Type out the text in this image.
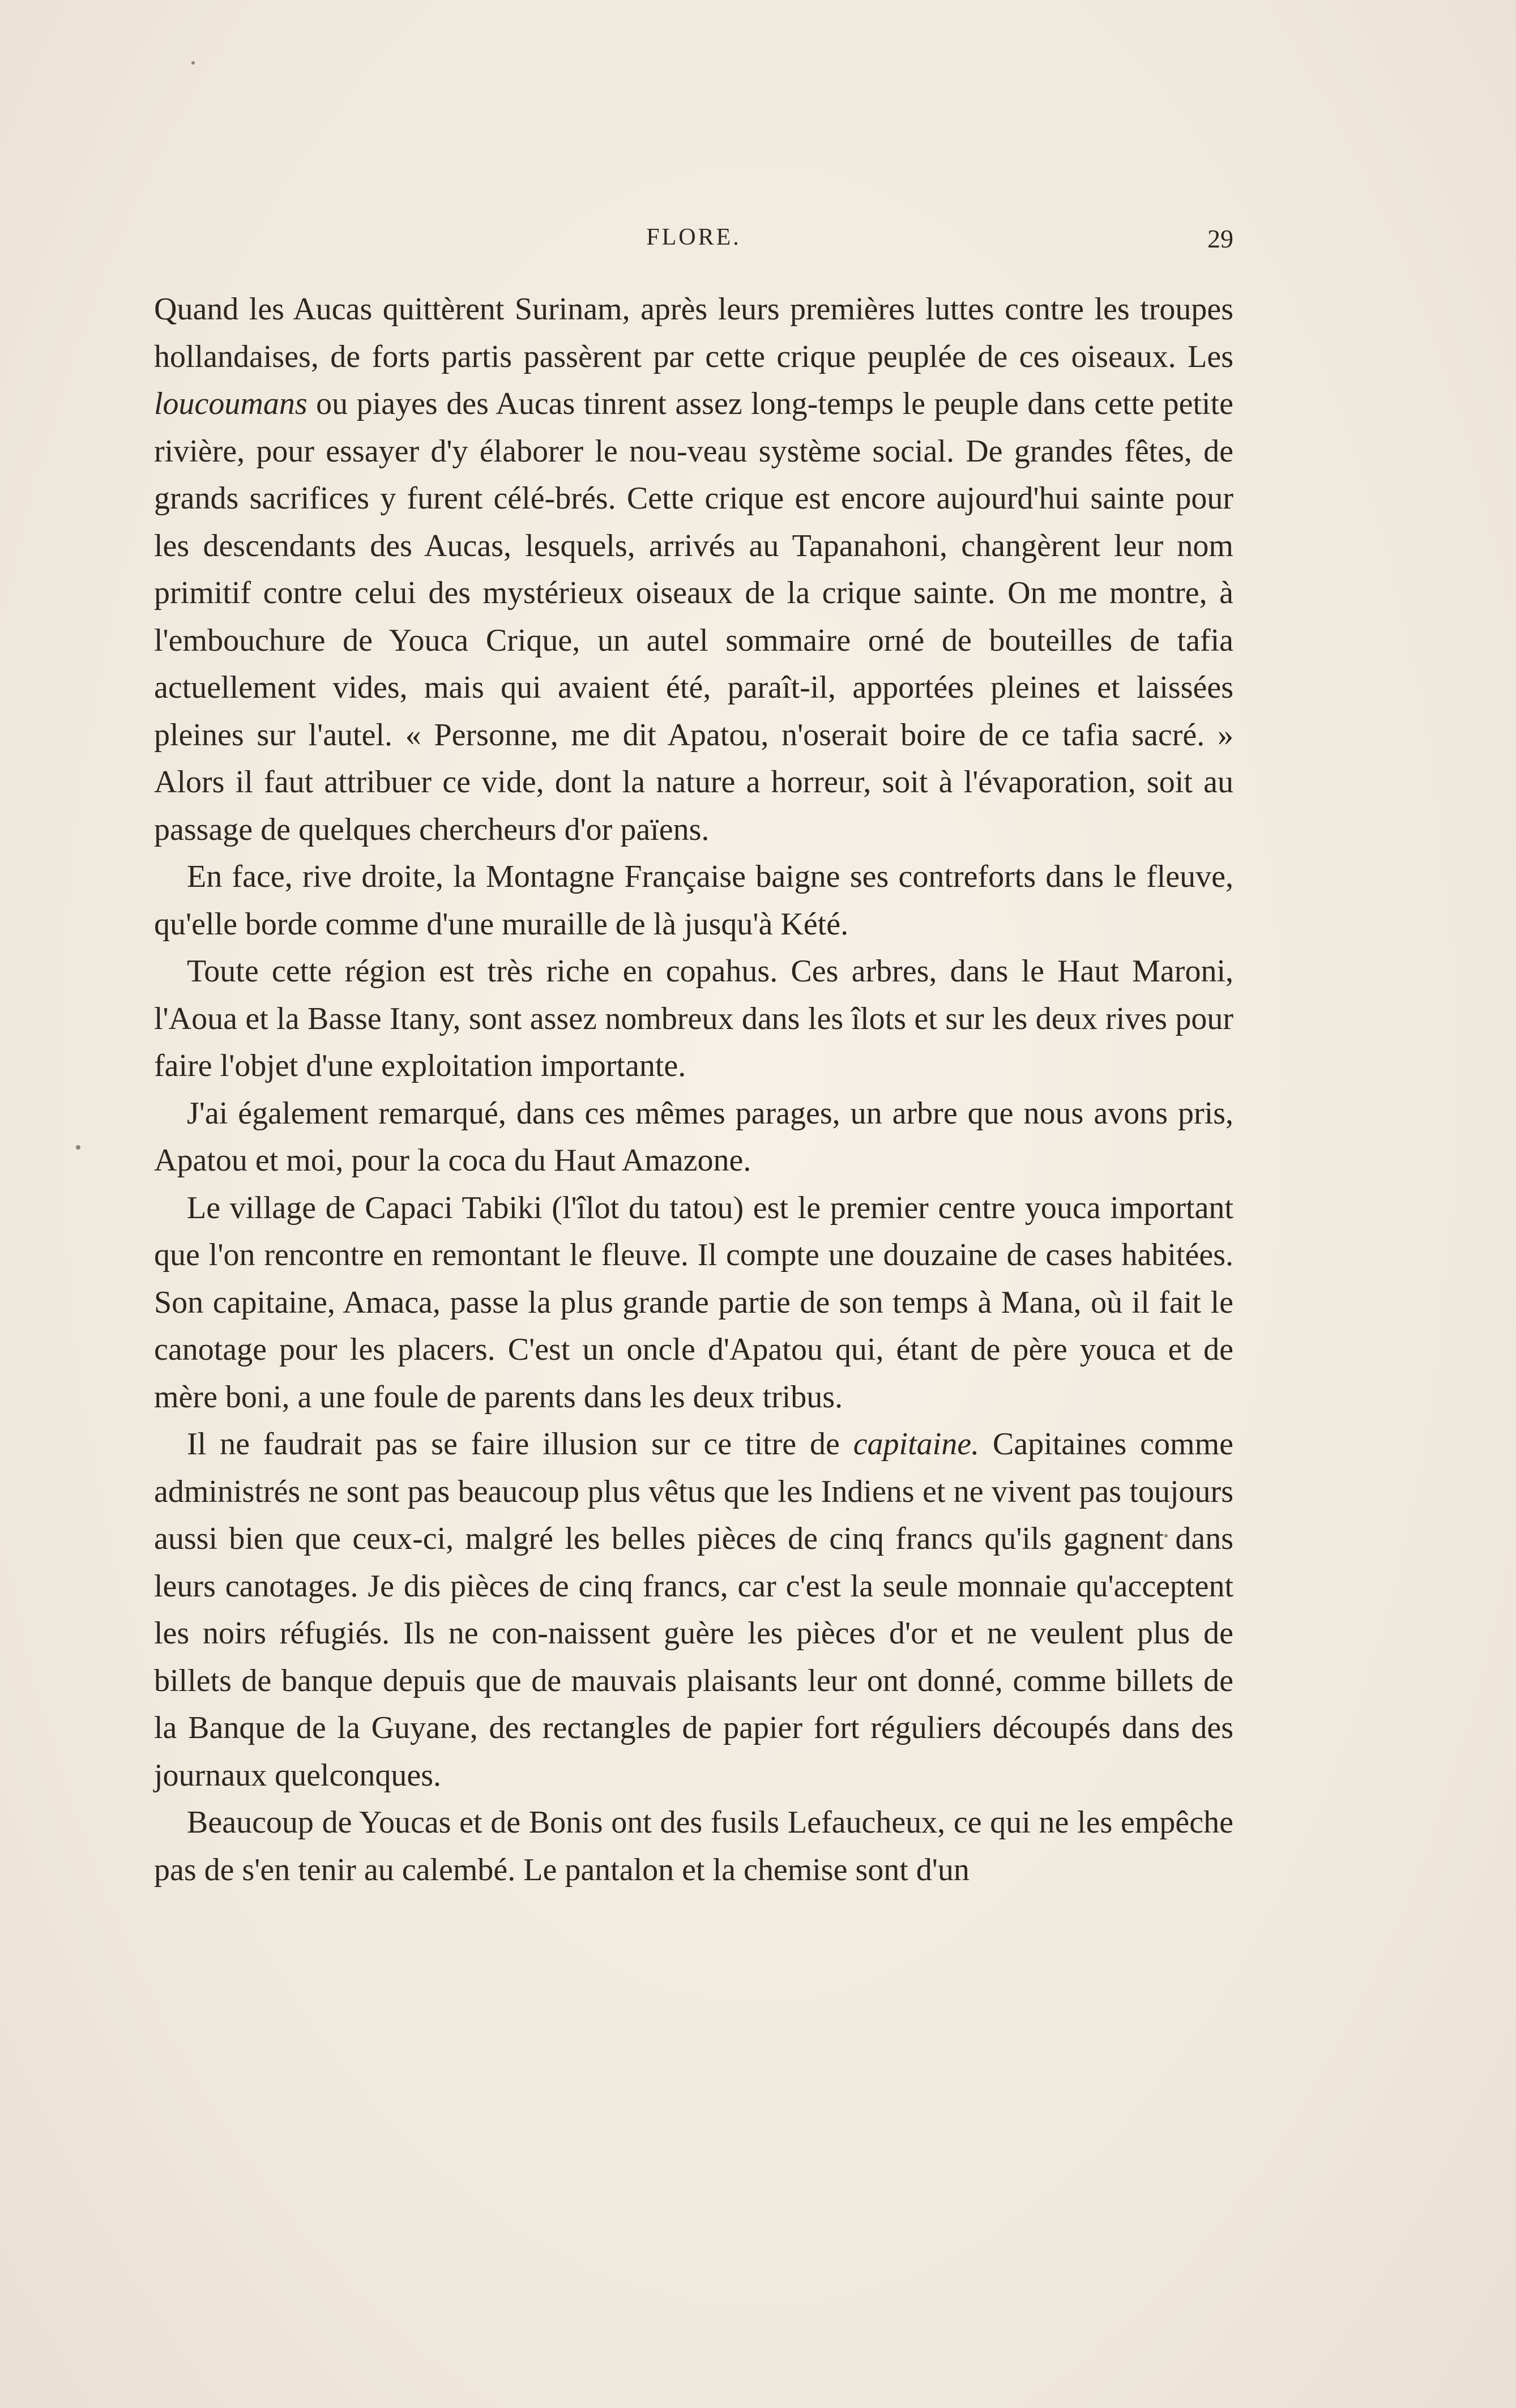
FLORE.	29

Quand les Aucas quittèrent Surinam, après leurs premières luttes contre les troupes hollandaises, de forts partis passèrent par cette crique peuplée de ces oiseaux. Les loucoumans ou piayes des Aucas tinrent assez long-temps le peuple dans cette petite rivière, pour essayer d'y élaborer le nou-veau système social. De grandes fêtes, de grands sacrifices y furent célé-brés. Cette crique est encore aujourd'hui sainte pour les descendants des Aucas, lesquels, arrivés au Tapanahoni, changèrent leur nom primitif contre celui des mystérieux oiseaux de la crique sainte. On me montre, à l'embouchure de Youca Crique, un autel sommaire orné de bouteilles de tafia actuellement vides, mais qui avaient été, paraît-il, apportées pleines et laissées pleines sur l'autel. « Personne, me dit Apatou, n'oserait boire de ce tafia sacré. » Alors il faut attribuer ce vide, dont la nature a horreur, soit à l'évaporation, soit au passage de quelques chercheurs d'or païens.

En face, rive droite, la Montagne Française baigne ses contreforts dans le fleuve, qu'elle borde comme d'une muraille de là jusqu'à Kété.

Toute cette région est très riche en copahus. Ces arbres, dans le Haut Maroni, l'Aoua et la Basse Itany, sont assez nombreux dans les îlots et sur les deux rives pour faire l'objet d'une exploitation importante.

J'ai également remarqué, dans ces mêmes parages, un arbre que nous avons pris, Apatou et moi, pour la coca du Haut Amazone.

Le village de Capaci Tabiki (l'îlot du tatou) est le premier centre youca important que l'on rencontre en remontant le fleuve. Il compte une douzaine de cases habitées. Son capitaine, Amaca, passe la plus grande partie de son temps à Mana, où il fait le canotage pour les placers. C'est un oncle d'Apatou qui, étant de père youca et de mère boni, a une foule de parents dans les deux tribus.

Il ne faudrait pas se faire illusion sur ce titre de capitaine. Capitaines comme administrés ne sont pas beaucoup plus vêtus que les Indiens et ne vivent pas toujours aussi bien que ceux-ci, malgré les belles pièces de cinq francs qu'ils gagnent dans leurs canotages. Je dis pièces de cinq francs, car c'est la seule monnaie qu'acceptent les noirs réfugiés. Ils ne con-naissent guère les pièces d'or et ne veulent plus de billets de banque depuis que de mauvais plaisants leur ont donné, comme billets de la Banque de la Guyane, des rectangles de papier fort réguliers découpés dans des journaux quelconques.

Beaucoup de Youcas et de Bonis ont des fusils Lefaucheux, ce qui ne les empêche pas de s'en tenir au calembé. Le pantalon et la chemise sont d'un
